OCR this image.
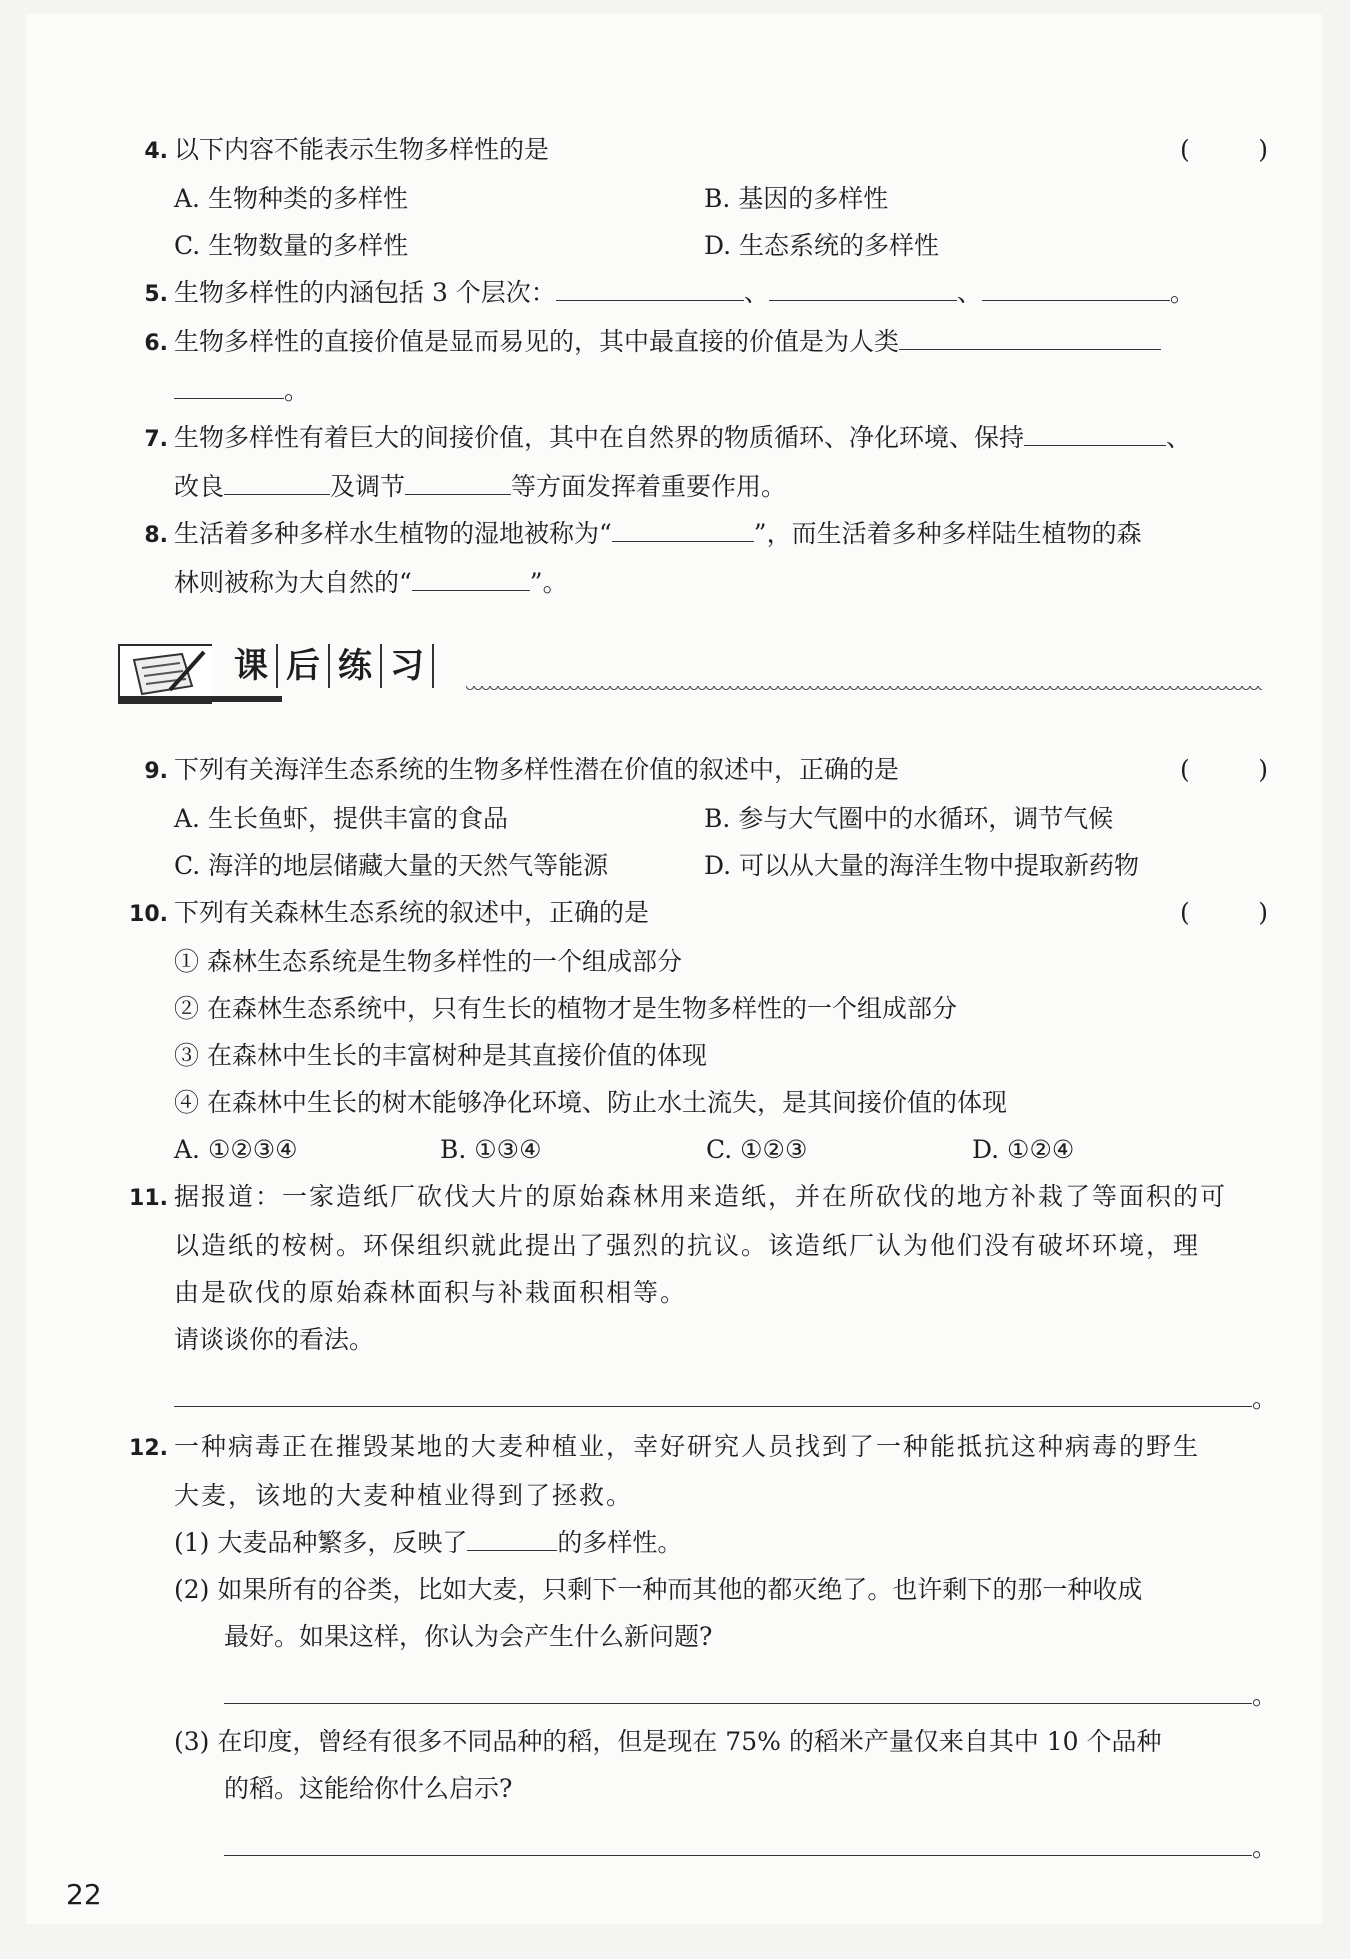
4. 以下内容不能表示生物多样性的是	(	)
A. 生物种类的多样性	B. 基因的多样性
C. 生物数量的多样性	D. 生态系统的多样性
5. 生物多样性的内涵包括 3 个层次：	、	、	。
6. 生物多样性的直接价值是显而易见的，其中最直接的价值是为人类
。
7. 生物多样性有着巨大的间接价值，其中在自然界的物质循环、净化环境、保持	、
改良	及调节	等方面发挥着重要作用。
8. 生活着多种多样水生植物的湿地被称为“	”，而生活着多种多样陆生植物的森
林则被称为大自然的“	”。
课 后 练 习
9. 下列有关海洋生态系统的生物多样性潜在价值的叙述中，正确的是	(	)
A. 生长鱼虾，提供丰富的食品	B. 参与大气圈中的水循环，调节气候
C. 海洋的地层储藏大量的天然气等能源	D. 可以从大量的海洋生物中提取新药物
10. 下列有关森林生态系统的叙述中，正确的是	(	)
① 森林生态系统是生物多样性的一个组成部分
② 在森林生态系统中，只有生长的植物才是生物多样性的一个组成部分
③ 在森林中生长的丰富树种是其直接价值的体现
④ 在森林中生长的树木能够净化环境、防止水土流失，是其间接价值的体现
A. ①②③④	B. ①③④	C. ①②③	D. ①②④
11. 据报道：一家造纸厂砍伐大片的原始森林用来造纸，并在所砍伐的地方补栽了等面积的可
以造纸的桉树。环保组织就此提出了强烈的抗议。该造纸厂认为他们没有破坏环境，理
由是砍伐的原始森林面积与补栽面积相等。
请谈谈你的看法。
。
12. 一种病毒正在摧毁某地的大麦种植业，幸好研究人员找到了一种能抵抗这种病毒的野生
大麦，该地的大麦种植业得到了拯救。
(1) 大麦品种繁多，反映了	的多样性。
(2) 如果所有的谷类，比如大麦，只剩下一种而其他的都灭绝了。也许剩下的那一种收成
最好。如果这样，你认为会产生什么新问题?
。
(3) 在印度，曾经有很多不同品种的稻，但是现在 75% 的稻米产量仅来自其中 10 个品种
的稻。这能给你什么启示?
。
22
